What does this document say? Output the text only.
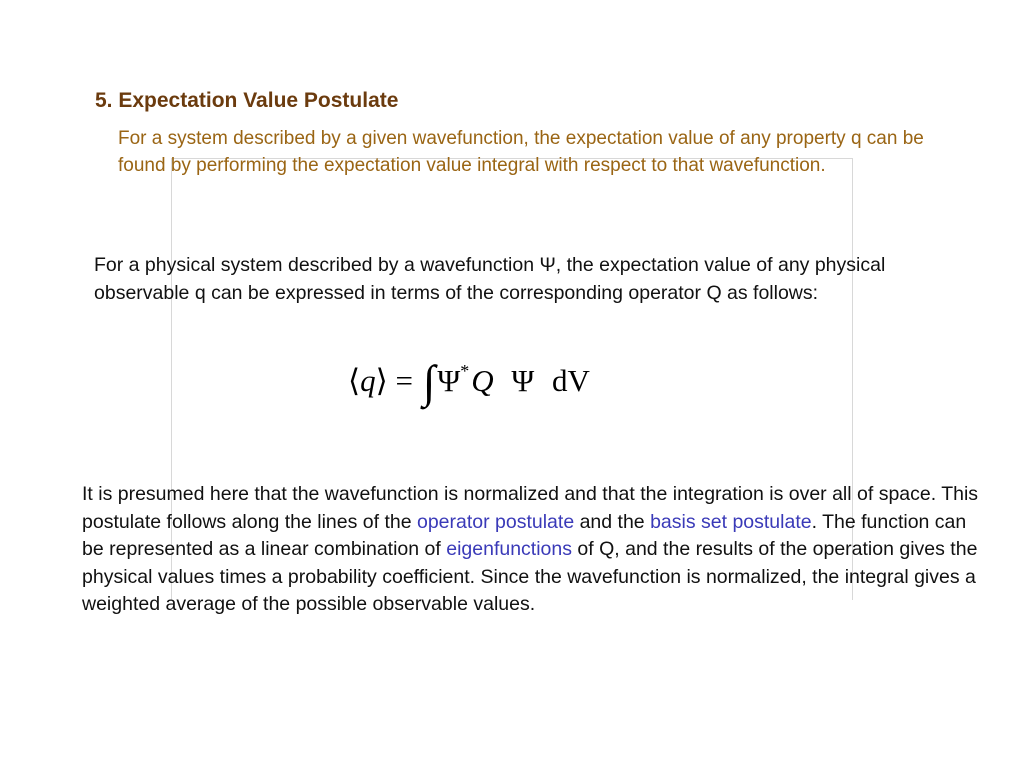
5. Expectation Value Postulate
For a system described by a given wavefunction, the expectation value of any property q can be found by performing the expectation value integral with respect to that wavefunction.
For a physical system described by a wavefunction Ψ, the expectation value of any physical observable q can be expressed in terms of the corresponding operator Q as follows:
⟨q⟩ = ∫Ψ*Q Ψ dV
It is presumed here that the wavefunction is normalized and that the integration is over all of space. This postulate follows along the lines of the operator postulate and the basis set postulate. The function can be represented as a linear combination of eigenfunctions of Q, and the results of the operation gives the physical values times a probability coefficient. Since the wavefunction is normalized, the integral gives a weighted average of the possible observable values.
